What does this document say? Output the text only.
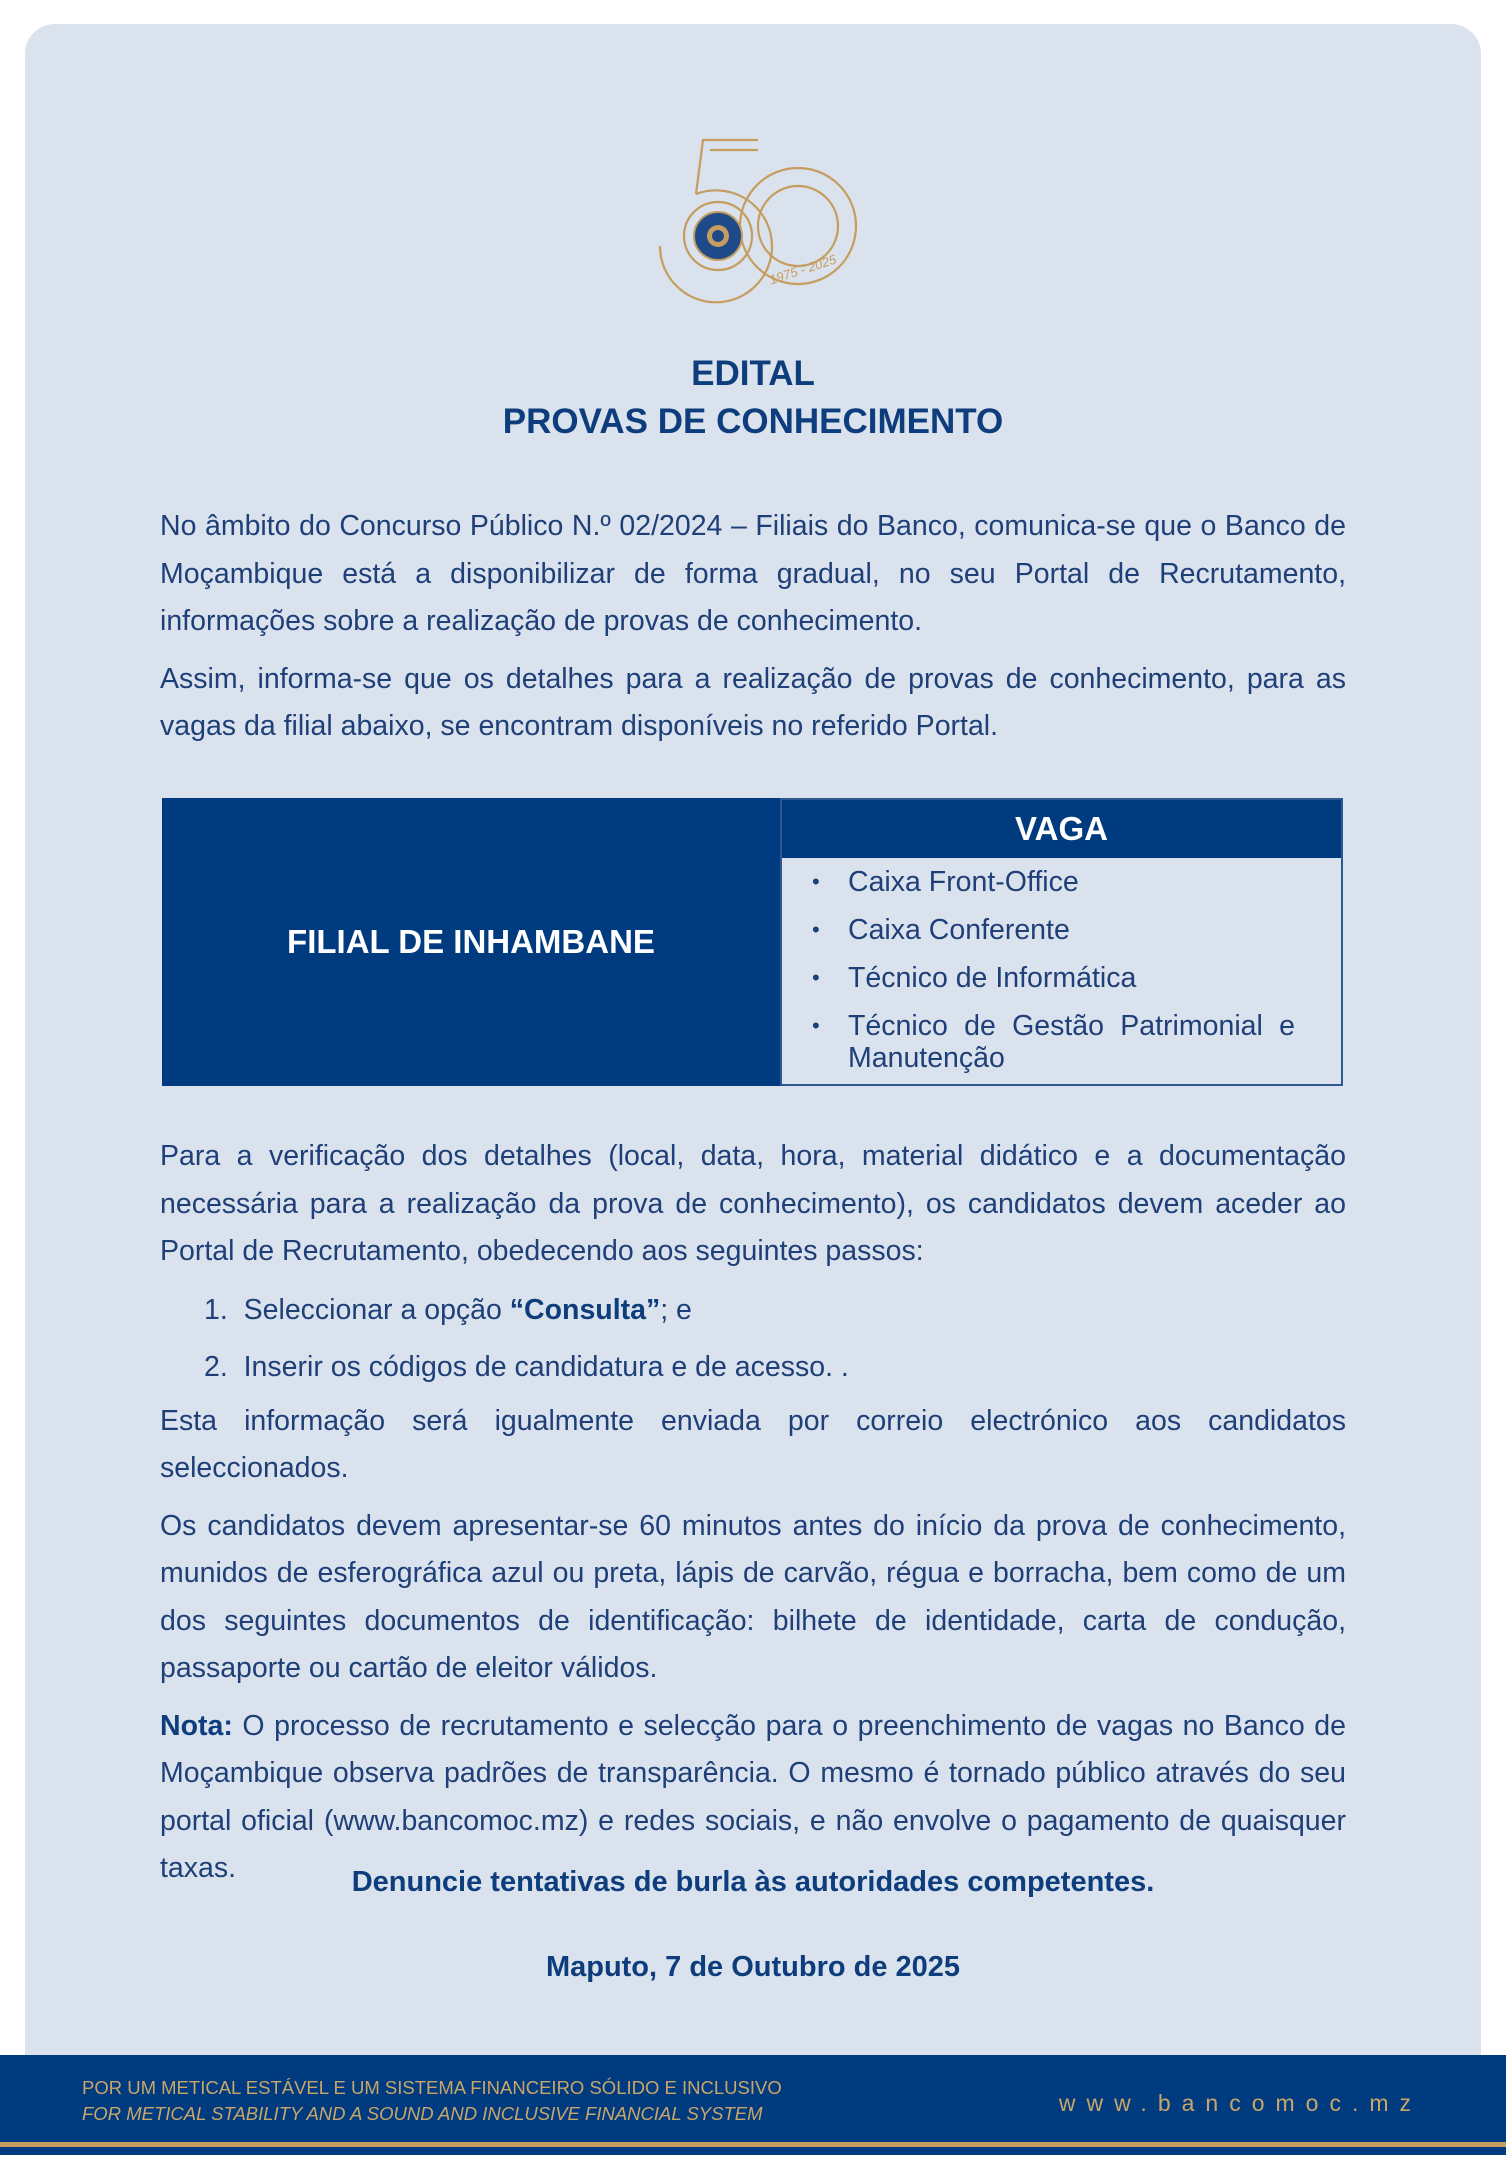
1975 - 2025
EDITAL
PROVAS DE CONHECIMENTO

No âmbito do Concurso Público N.º 02/2024 – Filiais do Banco, comunica-se que o Banco de Moçambique está a disponibilizar de forma gradual, no seu Portal de Recrutamento, informações sobre a realização de provas de conhecimento.

Assim, informa-se que os detalhes para a realização de provas de conhecimento, para as vagas da filial abaixo, se encontram disponíveis no referido Portal.

FILIAL DE INHAMBANE
VAGA
• Caixa Front-Office
• Caixa Conferente
• Técnico de Informática
• Técnico de Gestão Patrimonial e Manutenção

Para a verificação dos detalhes (local, data, hora, material didático e a documentação necessária para a realização da prova de conhecimento), os candidatos devem aceder ao Portal de Recrutamento, obedecendo aos seguintes passos:

1. Seleccionar a opção “Consulta”; e
2. Inserir os códigos de candidatura e de acesso. .

Esta informação será igualmente enviada por correio electrónico aos candidatos seleccionados.

Os candidatos devem apresentar-se 60 minutos antes do início da prova de conhecimento, munidos de esferográfica azul ou preta, lápis de carvão, régua e borracha, bem como de um dos seguintes documentos de identificação: bilhete de identidade, carta de condução, passaporte ou cartão de eleitor válidos.

Nota: O processo de recrutamento e selecção para o preenchimento de vagas no Banco de Moçambique observa padrões de transparência. O mesmo é tornado público através do seu portal oficial (www.bancomoc.mz) e redes sociais, e não envolve o pagamento de quaisquer taxas.	Denuncie tentativas de burla às autoridades competentes.
Maputo, 7 de Outubro de 2025
POR UM METICAL ESTÁVEL E UM SISTEMA FINANCEIRO SÓLIDO E INCLUSIVO
FOR METICAL STABILITY AND A SOUND AND INCLUSIVE FINANCIAL SYSTEM	www.bancomoc.mz
